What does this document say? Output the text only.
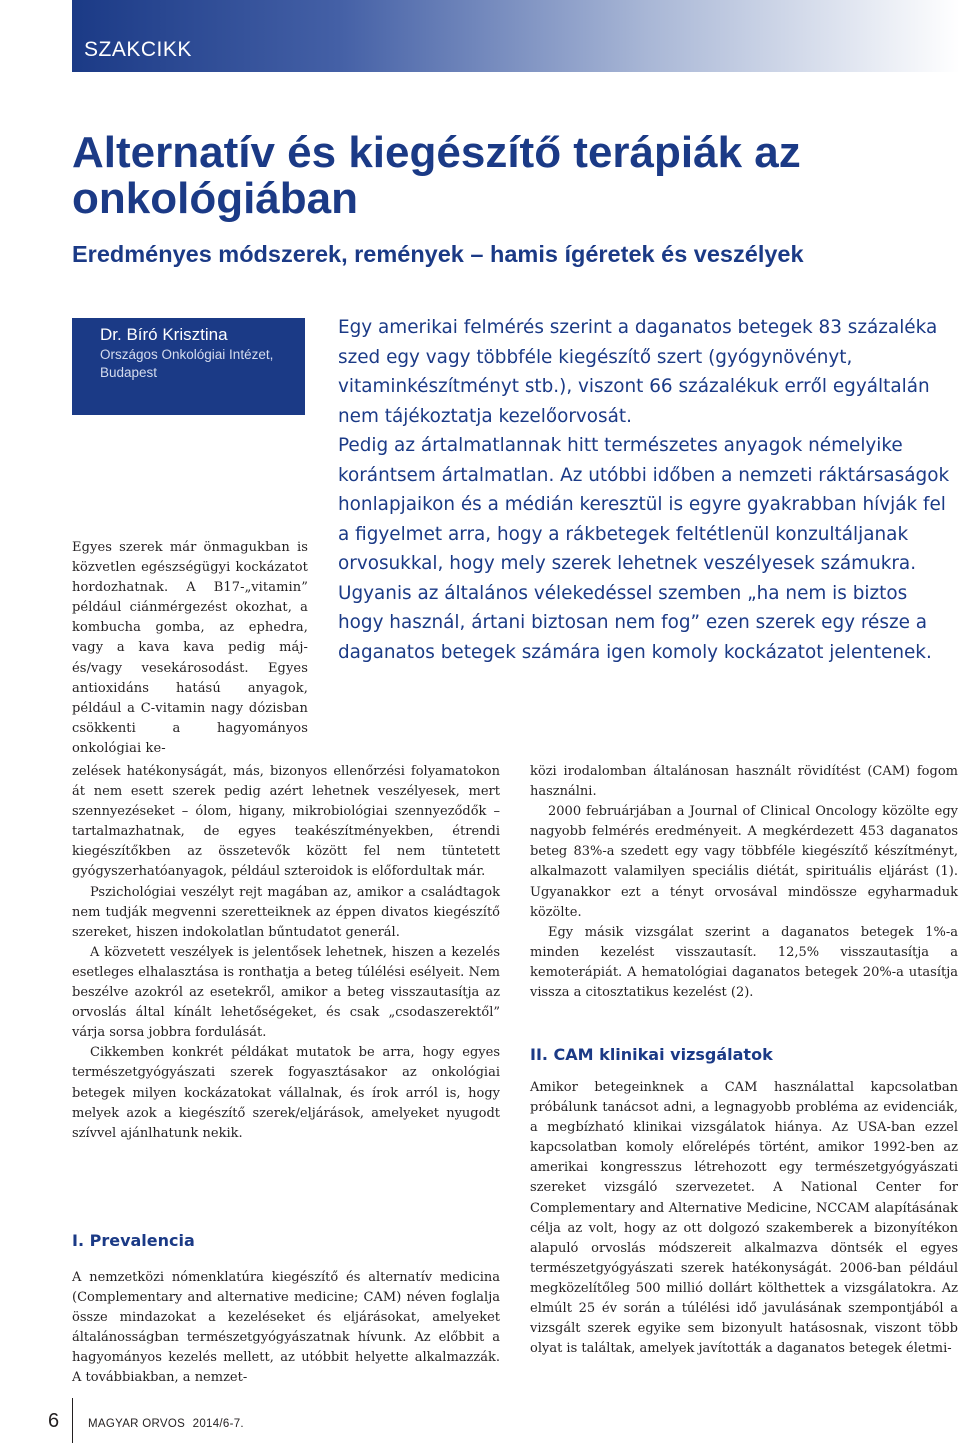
SZAKCIKK
Alternatív és kiegészítő terápiák az onkológiában
Eredményes módszerek, remények – hamis ígéretek és veszélyek
Dr. Bíró Krisztina
Országos Onkológiai Intézet, Budapest

Egy amerikai felmérés szerint a daganatos betegek 83 százaléka szed egy vagy többféle kiegészítő szert (gyógynövényt, vitaminkészítményt stb.), viszont 66 százalékuk erről egyáltalán nem tájékoztatja kezelőorvosát.

Pedig az ártalmatlannak hitt természetes anyagok némelyike korántsem ártalmatlan. Az utóbbi időben a nemzeti ráktársaságok honlapjaikon és a médián keresztül is egyre gyakrabban hívják fel a figyelmet arra, hogy a rákbetegek feltétlenül konzultáljanak orvosukkal, hogy mely szerek lehetnek veszélyesek számukra. Ugyanis az általános vélekedéssel szemben „ha nem is biztos hogy használ, ártani biztosan nem fog” ezen szerek egy része a daganatos betegek számára igen komoly kockázatot jelentenek.

Egyes szerek már önmagukban is közvetlen egészségügyi kockázatot hordozhatnak. A B17-„vitamin” például ciánmérgezést okozhat, a kombucha gomba, az ephedra, vagy a kava kava pedig máj- és/vagy vesekárosodást. Egyes antioxidáns hatású anyagok, például a C-vitamin nagy dózisban csökkenti a hagyományos onkológiai ke-

zelések hatékonyságát, más, bizonyos ellenőrzési folyamatokon át nem esett szerek pedig azért lehetnek veszélyesek, mert szennyezéseket – ólom, higany, mikrobiológiai szennyeződők – tartalmazhatnak, de egyes teakészítményekben, étrendi kiegészítőkben az összetevők között fel nem tüntetett gyógyszerhatóanyagok, például szteroidok is előfordultak már.

Pszichológiai veszélyt rejt magában az, amikor a családtagok nem tudják megvenni szeretteiknek az éppen divatos kiegészítő szereket, hiszen indokolatlan bűntudatot generál.

A közvetett veszélyek is jelentősek lehetnek, hiszen a kezelés esetleges elhalasztása is ronthatja a beteg túlélési esélyeit. Nem beszélve azokról az esetekről, amikor a beteg visszautasítja az orvoslás által kínált lehetőségeket, és csak „csodaszerektől” várja sorsa jobbra fordulását.

Cikkemben konkrét példákat mutatok be arra, hogy egyes természetgyógyászati szerek fogyasztásakor az onkológiai betegek milyen kockázatokat vállalnak, és írok arról is, hogy melyek azok a kiegészítő szerek/eljárások, amelyeket nyugodt szívvel ajánlhatunk nekik.

I. Prevalencia

A nemzetközi nómenklatúra kiegészítő és alternatív medicina (Complementary and alternative medicine; CAM) néven foglalja össze mindazokat a kezeléseket és eljárásokat, amelyeket általánosságban természetgyógyászatnak hívunk. Az előbbit a hagyományos kezelés mellett, az utóbbit helyette alkalmazzák. A továbbiakban, a nemzet-

közi irodalomban általánosan használt rövidítést (CAM) fogom használni.

2000 februárjában a Journal of Clinical Oncology közölte egy nagyobb felmérés eredményeit. A megkérdezett 453 daganatos beteg 83%-a szedett egy vagy többféle kiegészítő készítményt, alkalmazott valamilyen speciális diétát, spirituális eljárást (1). Ugyanakkor ezt a tényt orvosával mindössze egyharmaduk közölte.

Egy másik vizsgálat szerint a daganatos betegek 1%-a minden kezelést visszautasít. 12,5% visszautasítja a kemoterápiát. A hematológiai daganatos betegek 20%-a utasítja vissza a citosztatikus kezelést (2).

II. CAM klinikai vizsgálatok

Amikor betegeinknek a CAM használattal kapcsolatban próbálunk tanácsot adni, a legnagyobb probléma az evidenciák, a megbízható klinikai vizsgálatok hiánya. Az USA-ban ezzel kapcsolatban komoly előrelépés történt, amikor 1992-ben az amerikai kongresszus létrehozott egy természetgyógyászati szereket vizsgáló szervezetet. A National Center for Complementary and Alternative Medicine, NCCAM alapításának célja az volt, hogy az ott dolgozó szakemberek a bizonyítékon alapuló orvoslás módszereit alkalmazva döntsék el egyes természetgyógyászati szerek hatékonyságát. 2006-ban például megközelítőleg 500 millió dollárt költhettek a vizsgálatokra. Az elmúlt 25 év során a túlélési idő javulásának szempontjából a vizsgált szerek egyike sem bizonyult hatásosnak, viszont több olyat is találtak, amelyek javították a daganatos betegek életmi-

6	MAGYAR ORVOS 2014/6-7.
